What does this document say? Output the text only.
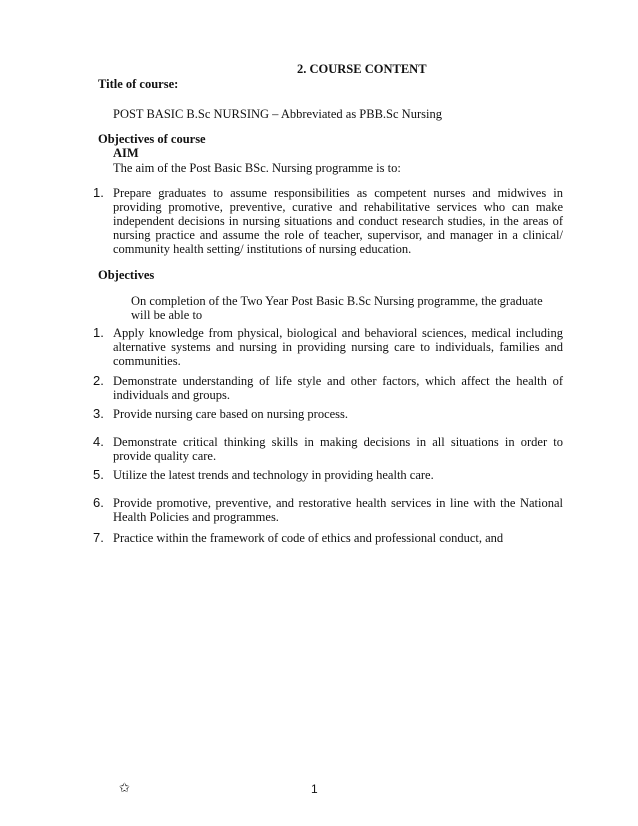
2. COURSE CONTENT
Title of course:
POST BASIC B.Sc NURSING – Abbreviated as PBB.Sc Nursing
Objectives of course
AIM
The aim of the Post Basic BSc. Nursing programme is to:
1. Prepare graduates to assume responsibilities as competent nurses and midwives in providing promotive, preventive, curative and rehabilitative services who can make independent decisions in nursing situations and conduct research studies, in the areas of nursing practice and assume the role of teacher, supervisor, and manager in a clinical/ community health setting/ institutions of nursing education.
Objectives
On completion of the Two Year Post Basic B.Sc Nursing programme, the graduate will be able to
1. Apply knowledge from physical, biological and behavioral sciences, medical including alternative systems and nursing in providing nursing care to individuals, families and communities.
2. Demonstrate understanding of life style and other factors, which affect the health of individuals and groups.
3. Provide nursing care based on nursing process.
4. Demonstrate critical thinking skills in making decisions in all situations in order to provide quality care.
5. Utilize the latest trends and technology in providing health care.
6. Provide promotive, preventive, and restorative health services in line with the National Health Policies and programmes.
7. Practice within the framework of code of ethics and professional conduct, and
✩	1
